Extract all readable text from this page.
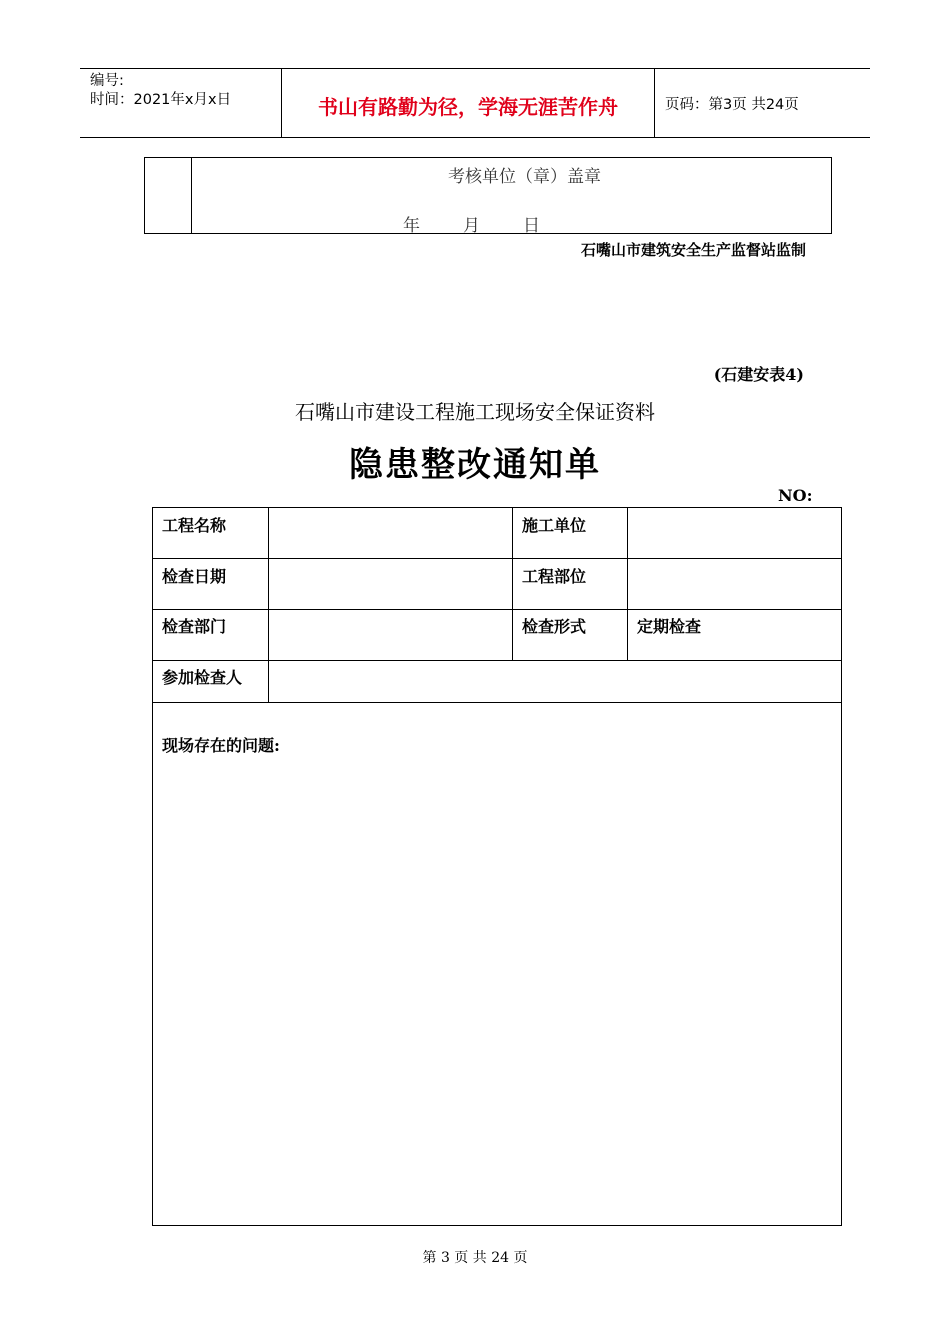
编号:
时间：2021年x月x日	书山有路勤为径，学海无涯苦作舟	页码：第3页 共24页
考核单位（章）盖章
年	月	日
石嘴山市建筑安全生产监督站监制
(石建安表4)
石嘴山市建设工程施工现场安全保证资料
隐患整改通知单
NO:
工程名称	施工单位
检查日期	工程部位
检查部门	检查形式	定期检查
参加检查人
现场存在的问题:
第 3 页 共 24 页
